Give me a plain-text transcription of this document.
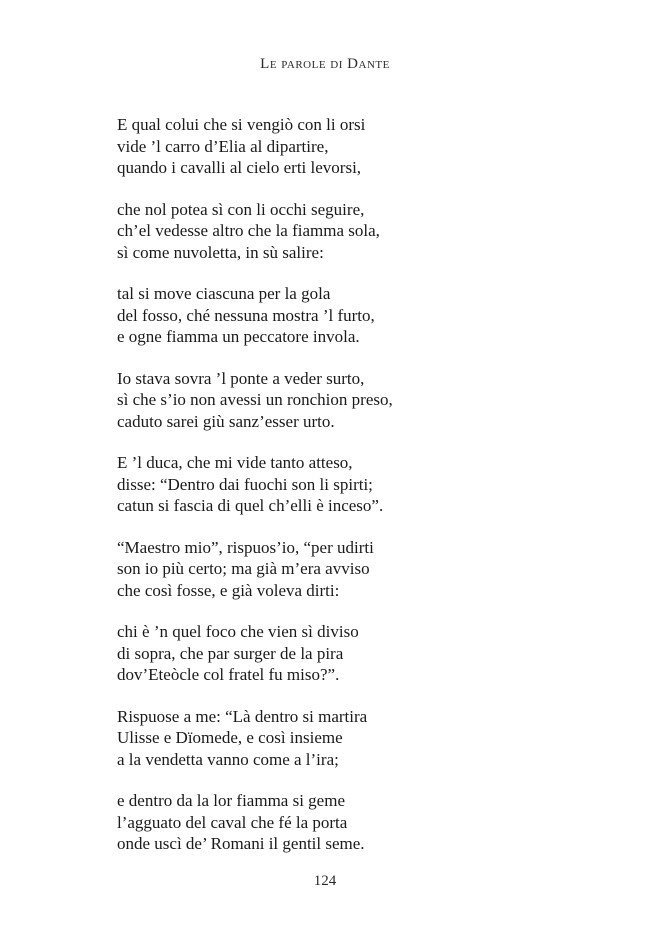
Le parole di Dante
E qual colui che si vengiò con li orsi
vide ’l carro d’Elia al dipartire,
quando i cavalli al cielo erti levorsi,
che nol potea sì con li occhi seguire,
ch’el vedesse altro che la fiamma sola,
sì come nuvoletta, in sù salire:
tal si move ciascuna per la gola
del fosso, ché nessuna mostra ’l furto,
e ogne fiamma un peccatore invola.
Io stava sovra ’l ponte a veder surto,
sì che s’io non avessi un ronchion preso,
caduto sarei giù sanz’esser urto.
E ’l duca, che mi vide tanto atteso,
disse: “Dentro dai fuochi son li spirti;
catun si fascia di quel ch’elli è inceso”.
“Maestro mio”, rispuos’io, “per udirti
son io più certo; ma già m’era avviso
che così fosse, e già voleva dirti:
chi è ’n quel foco che vien sì diviso
di sopra, che par surger de la pira
dov’Eteòcle col fratel fu miso?”.
Rispuose a me: “Là dentro si martira
Ulisse e Dïomede, e così insieme
a la vendetta vanno come a l’ira;
e dentro da la lor fiamma si geme
l’agguato del caval che fé la porta
onde uscì de’ Romani il gentil seme.
124
